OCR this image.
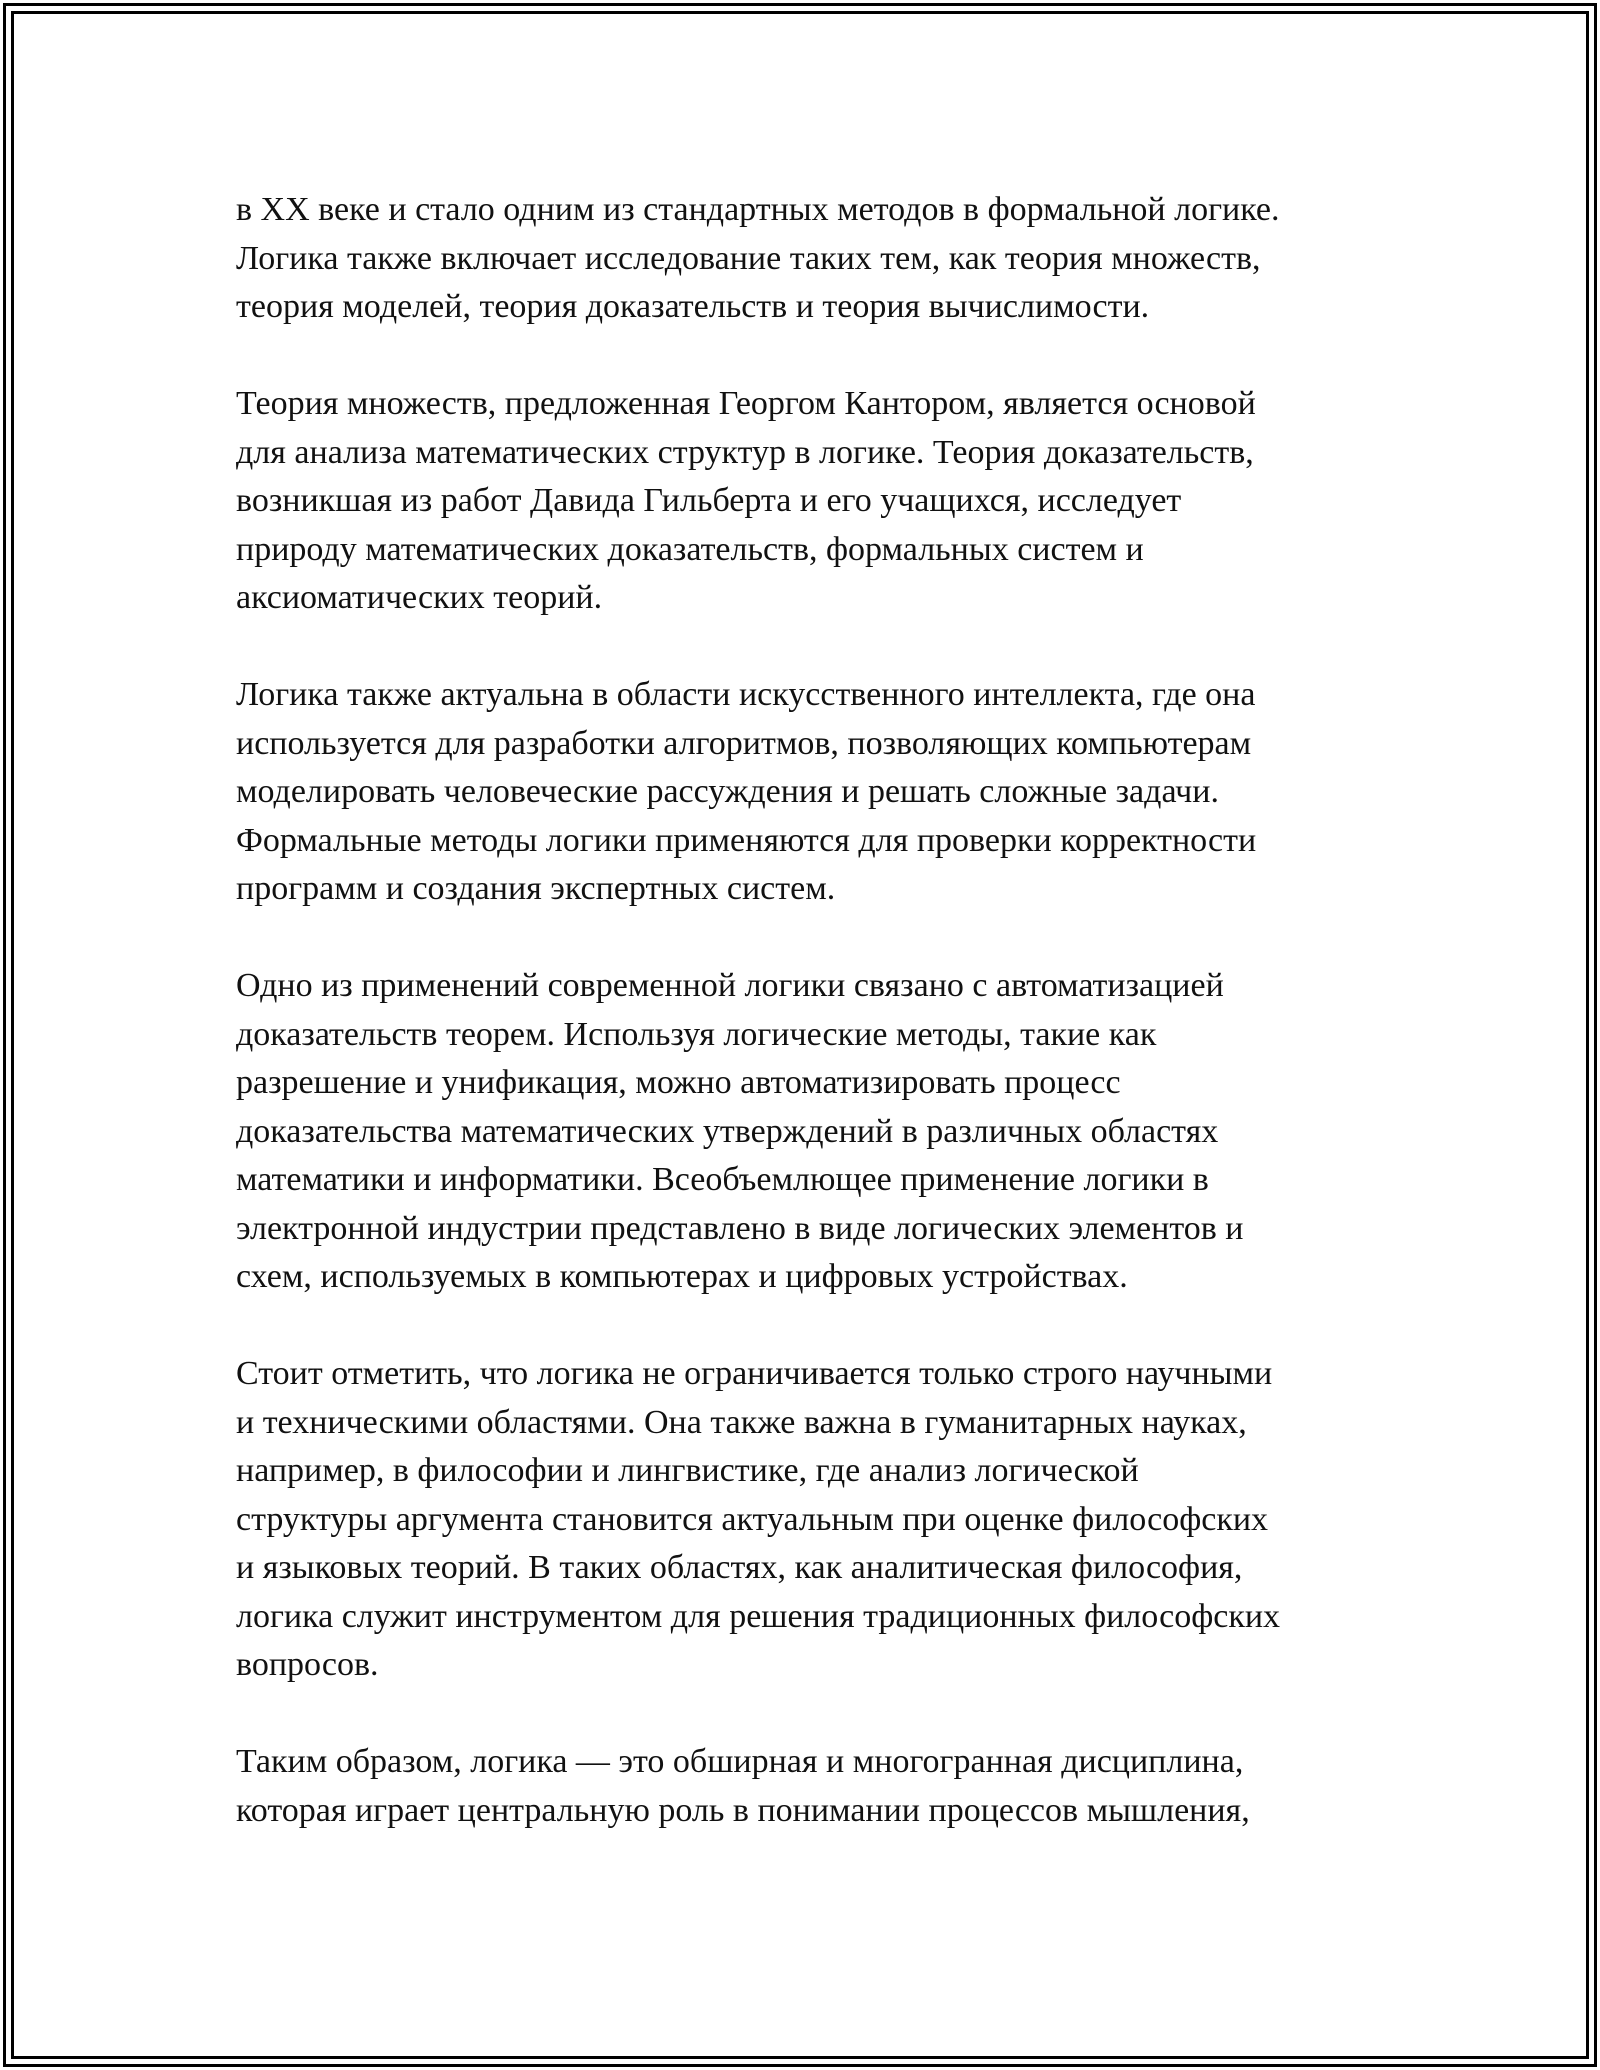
в XX веке и стало одним из стандартных методов в формальной логике.
Логика также включает исследование таких тем, как теория множеств,
теория моделей, теория доказательств и теория вычислимости.

Теория множеств, предложенная Георгом Кантором, является основой
для анализа математических структур в логике. Теория доказательств,
возникшая из работ Давида Гильберта и его учащихся, исследует
природу математических доказательств, формальных систем и
аксиоматических теорий.

Логика также актуальна в области искусственного интеллекта, где она
используется для разработки алгоритмов, позволяющих компьютерам
моделировать человеческие рассуждения и решать сложные задачи.
Формальные методы логики применяются для проверки корректности
программ и создания экспертных систем.

Одно из применений современной логики связано с автоматизацией
доказательств теорем. Используя логические методы, такие как
разрешение и унификация, можно автоматизировать процесс
доказательства математических утверждений в различных областях
математики и информатики. Всеобъемлющее применение логики в
электронной индустрии представлено в виде логических элементов и
схем, используемых в компьютерах и цифровых устройствах.

Стоит отметить, что логика не ограничивается только строго научными
и техническими областями. Она также важна в гуманитарных науках,
например, в философии и лингвистике, где анализ логической
структуры аргумента становится актуальным при оценке философских
и языковых теорий. В таких областях, как аналитическая философия,
логика служит инструментом для решения традиционных философских
вопросов.

Таким образом, логика — это обширная и многогранная дисциплина,
которая играет центральную роль в понимании процессов мышления,
